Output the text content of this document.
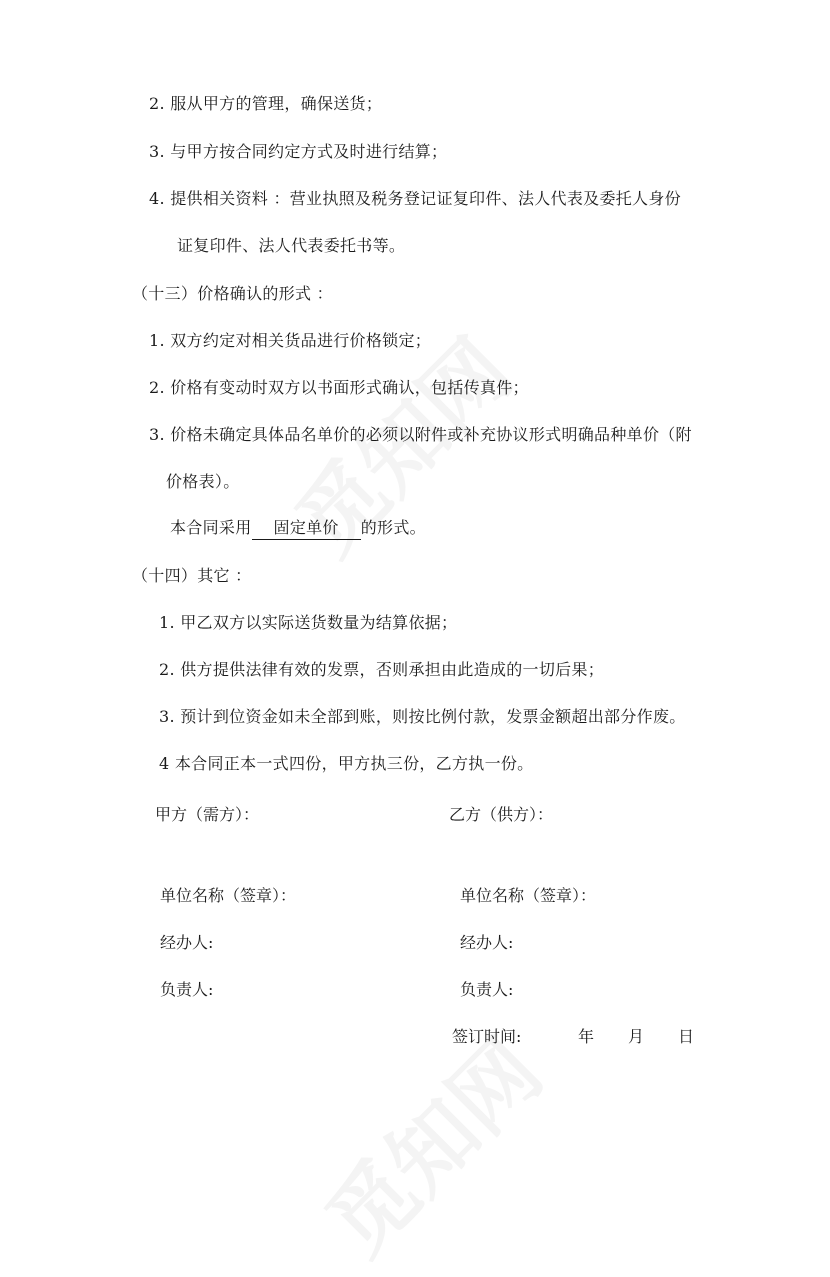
2. 服从甲方的管理，确保送货；
3. 与甲方按合同约定方式及时进行结算；
4. 提供相关资料 ：营业执照及税务登记证复印件、法人代表及委托人身份
证复印件、法人代表委托书等。
（十三）价格确认的形式 ：
1. 双方约定对相关货品进行价格锁定；
2. 价格有变动时双方以书面形式确认，包括传真件；
3. 价格未确定具体品名单价的必须以附件或补充协议形式明确品种单价（附
价格表）。
本合同采用 固定单价 的形式。
（十四）其它 ：
1. 甲乙双方以实际送货数量为结算依据；
2. 供方提供法律有效的发票，否则承担由此造成的一切后果；
3. 预计到位资金如未全部到账，则按比例付款，发票金额超出部分作废。
4 本合同正本一式四份，甲方执三份，乙方执一份。
甲方（需方）：	乙方（供方）：
单位名称（签章）：	单位名称（签章）：
经办人:	经办人:
负责人:	负责人:
签订时间:	年 月 日
